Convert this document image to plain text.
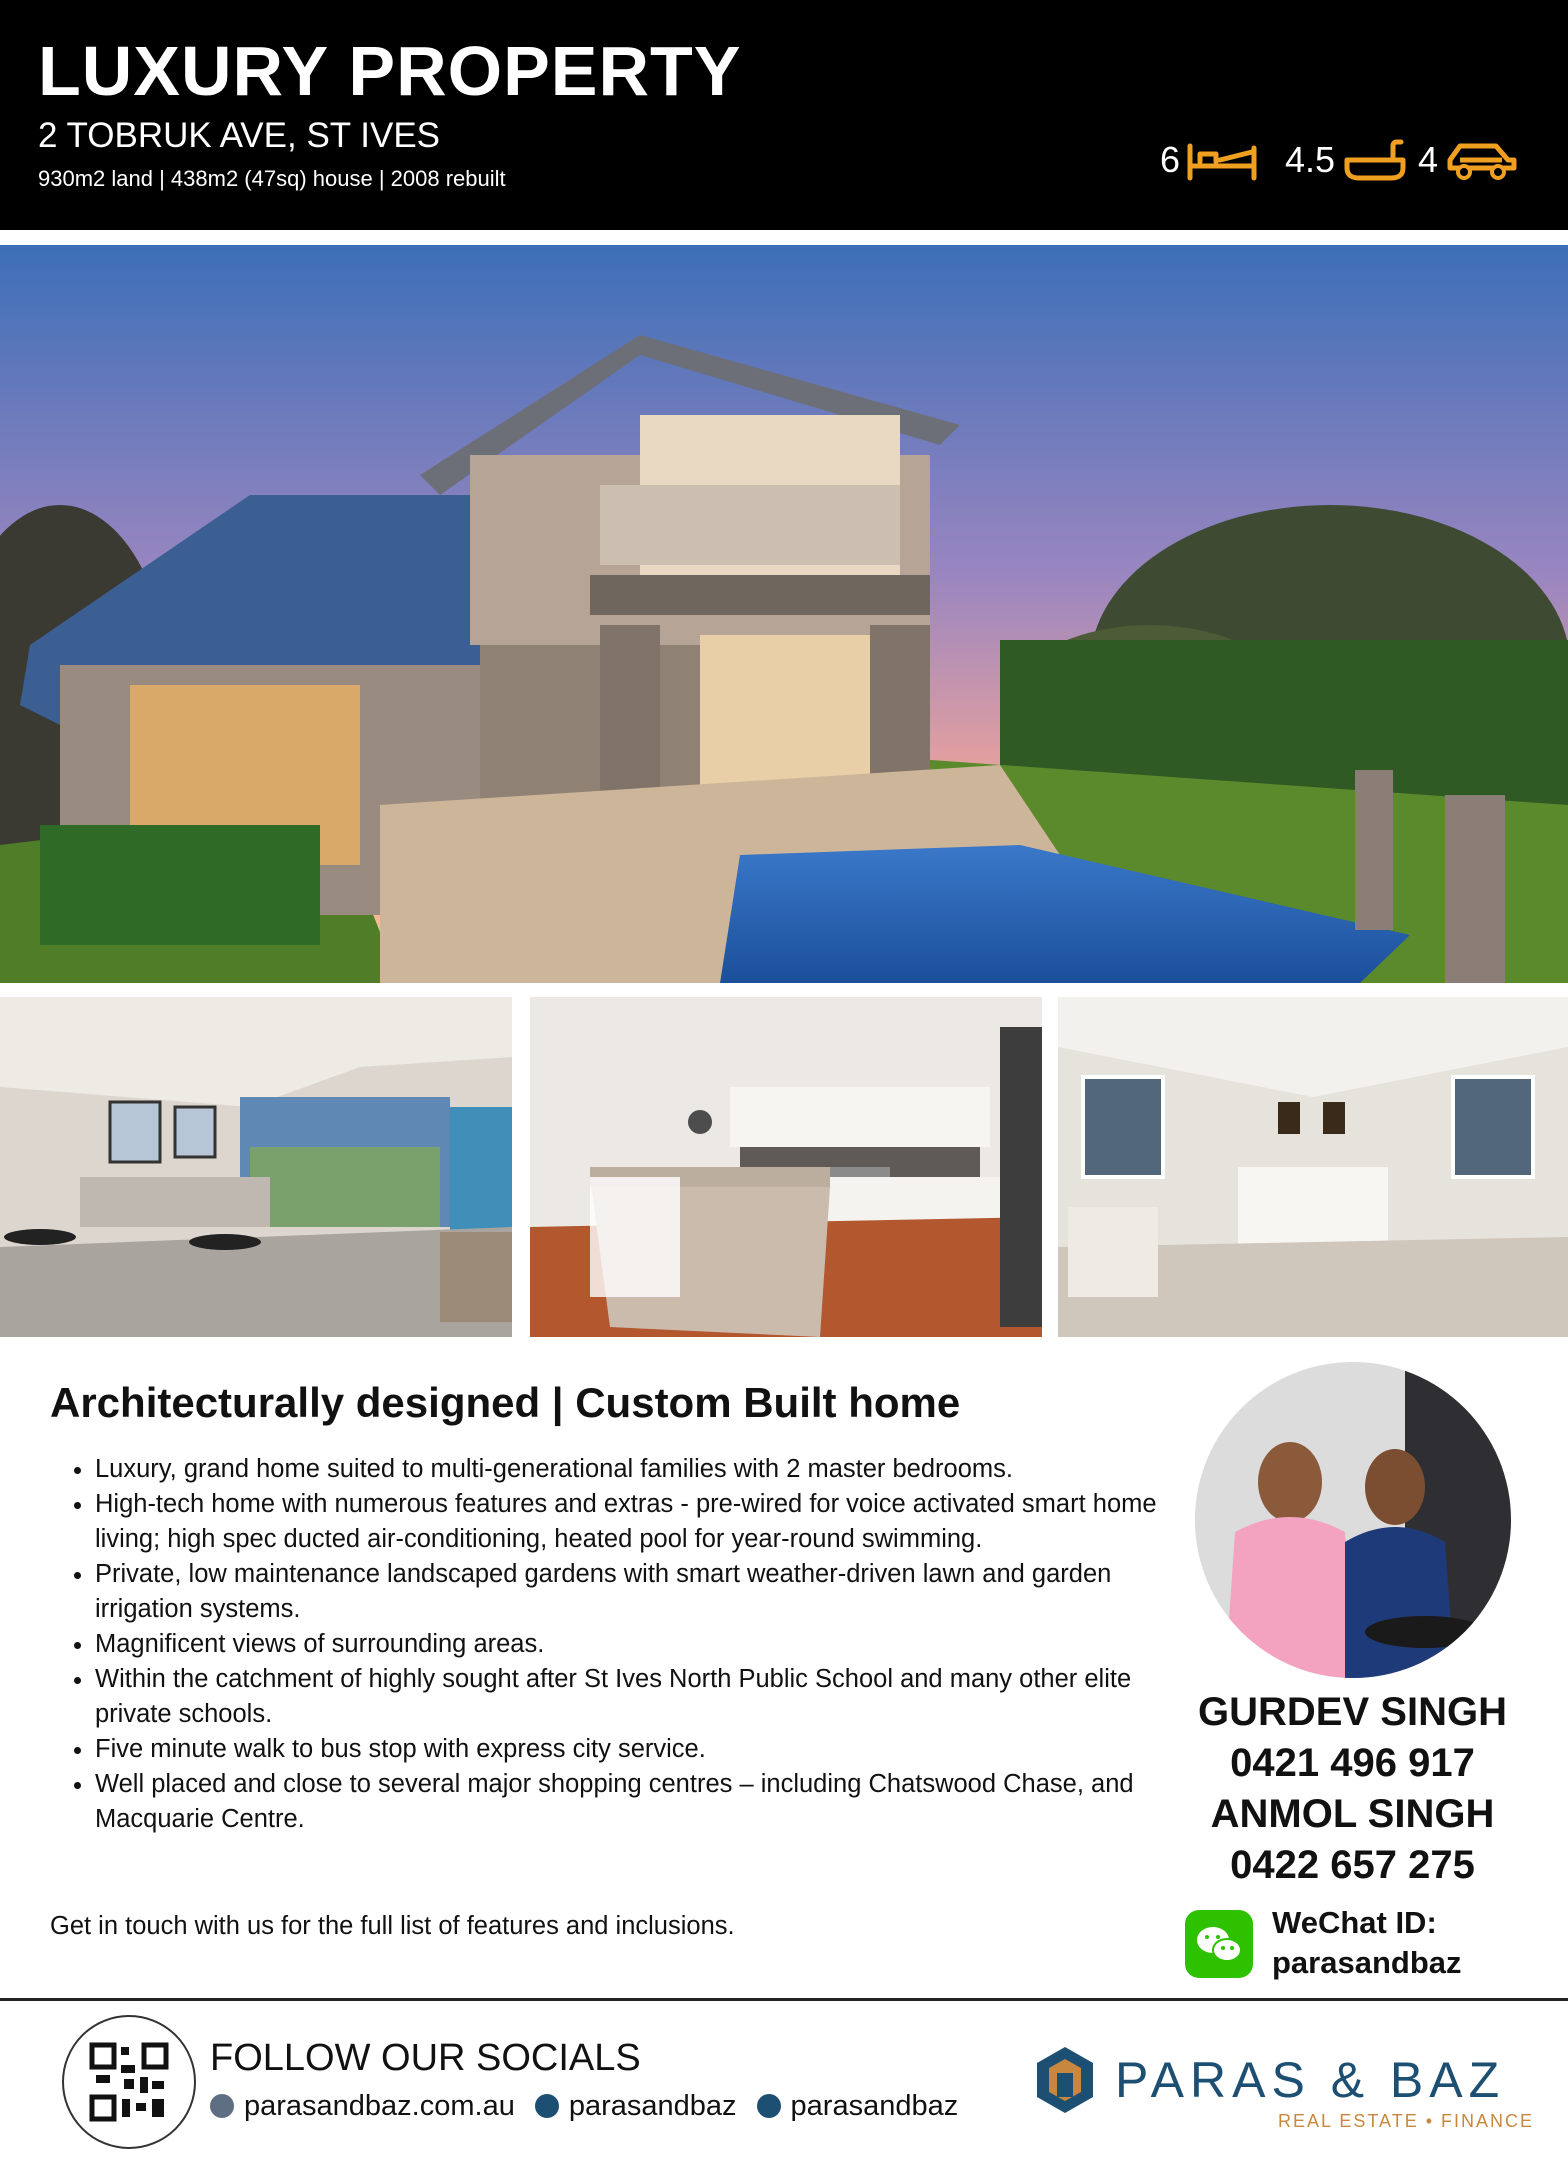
LUXURY PROPERTY
2 TOBRUK AVE, ST IVES
930m2 land | 438m2 (47sq) house | 2008 rebuilt	6	4.5 4
Architecturally designed | Custom Built home
• Luxury, grand home suited to multi-generational families with 2 master bedrooms.
• High-tech home with numerous features and extras - pre-wired for voice activated smart home living; high spec ducted air-conditioning, heated pool for year-round swimming.
• Private, low maintenance landscaped gardens with smart weather-driven lawn and garden irrigation systems.
• Magnificent views of surrounding areas.
• Within the catchment of highly sought after St Ives North Public School and many other elite private schools.
• Five minute walk to bus stop with express city service.
• Well placed and close to several major shopping centres – including Chatswood Chase, and Macquarie Centre.
Get in touch with us for the full list of features and inclusions.
GURDEV SINGH
0421 496 917
ANMOL SINGH
0422 657 275
WeChat ID:
parasandbaz
FOLLOW OUR SOCIALS
parasandbaz.com.au parasandbaz parasandbaz	PARAS & BAZ
REAL ESTATE • FINANCE
